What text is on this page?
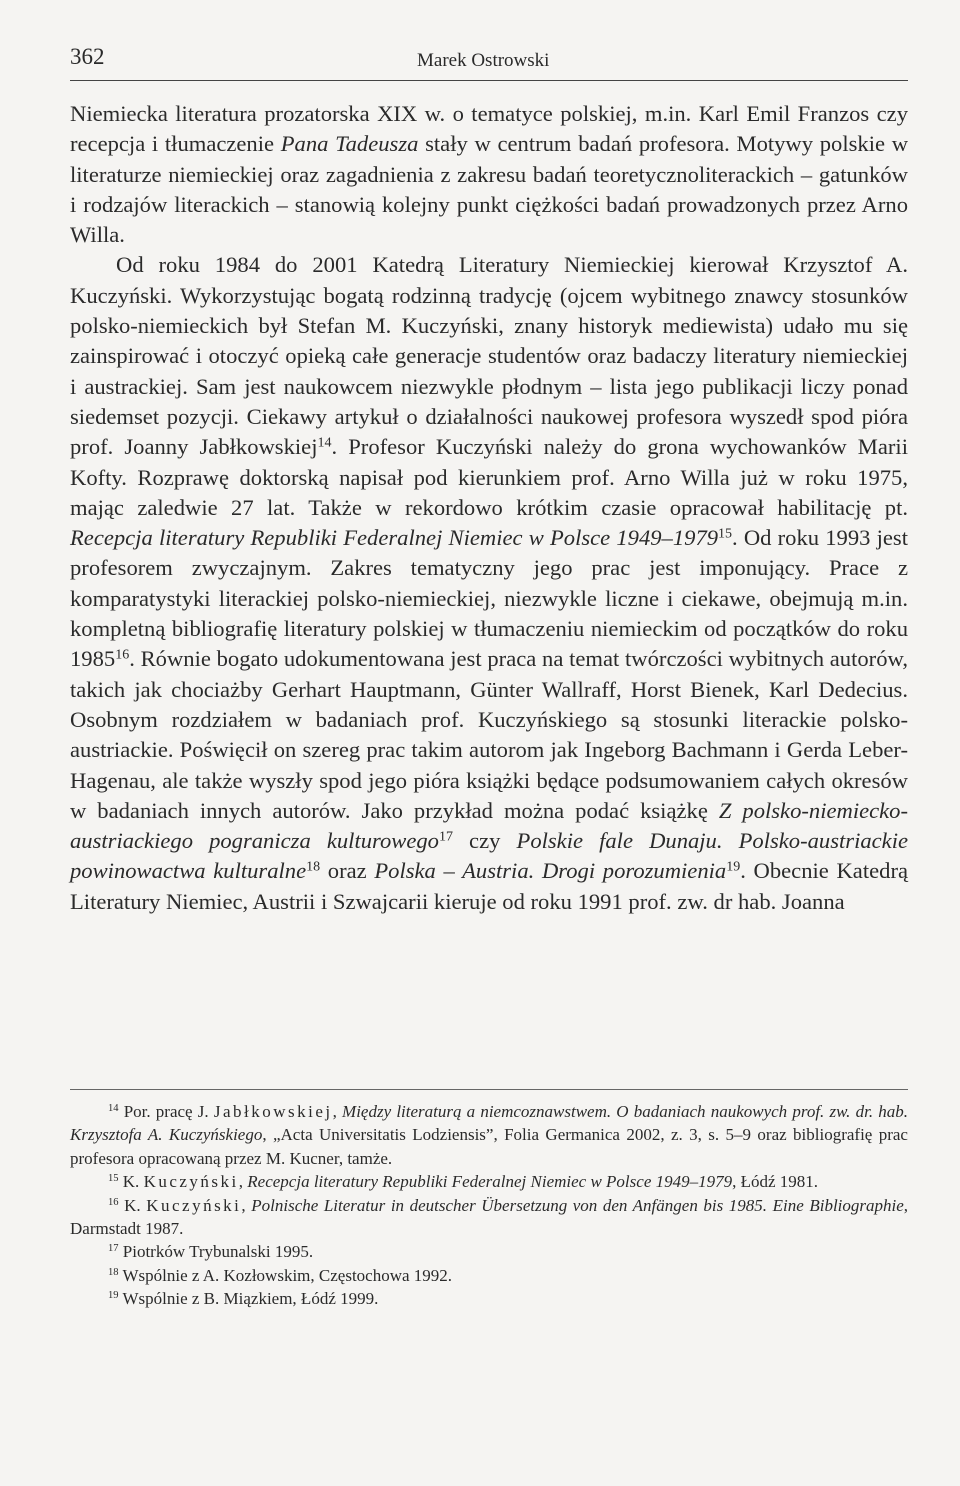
362	Marek Ostrowski

Niemiecka literatura prozatorska XIX w. o tematyce polskiej, m.in. Karl Emil Franzos czy recepcja i tłumaczenie Pana Tadeusza stały w centrum badań profesora. Motywy polskie w literaturze niemieckiej oraz zagadnienia z zakresu badań teoretycznoliterackich – gatunków i rodzajów literackich – stanowią kolejny punkt ciężkości badań prowadzonych przez Arno Willa.

Od roku 1984 do 2001 Katedrą Literatury Niemieckiej kierował Krzysztof A. Kuczyński. Wykorzystując bogatą rodzinną tradycję (ojcem wybitnego znawcy stosunków polsko-niemieckich był Stefan M. Kuczyński, znany historyk mediewista) udało mu się zainspirować i otoczyć opieką całe generacje studentów oraz badaczy literatury niemieckiej i austrackiej. Sam jest naukowcem niezwykle płodnym – lista jego publikacji liczy ponad siedemset pozycji. Ciekawy artykuł o działalności naukowej profesora wyszedł spod pióra prof. Joanny Jabłkowskiej$^{14}$. Profesor Kuczyński należy do grona wychowanków Marii Kofty. Rozprawę doktorską napisał pod kierunkiem prof. Arno Willa już w roku 1975, mając zaledwie 27 lat. Także w rekordowo krótkim czasie opracował habilitację pt. Recepcja literatury Republiki Federalnej Niemiec w Polsce 1949–1979$^{15}$. Od roku 1993 jest profesorem zwyczajnym. Zakres tematyczny jego prac jest imponujący. Prace z komparatystyki literackiej polsko-niemieckiej, niezwykle liczne i ciekawe, obejmują m.in. kompletną bibliografię literatury polskiej w tłumaczeniu niemieckim od początków do roku 1985$^{16}$. Równie bogato udokumentowana jest praca na temat twórczości wybitnych autorów, takich jak chociażby Gerhart Hauptmann, Günter Wallraff, Horst Bienek, Karl Dedecius. Osobnym rozdziałem w badaniach prof. Kuczyńskiego są stosunki literackie polsko-austriackie. Poświęcił on szereg prac takim autorom jak Ingeborg Bachmann i Gerda Leber-Hagenau, ale także wyszły spod jego pióra książki będące podsumowaniem całych okresów w badaniach innych autorów. Jako przykład można podać książkę Z polsko-niemiecko-austriackiego pogranicza kulturowego$^{17}$ czy Polskie fale Dunaju. Polsko-austriackie powinowactwa kulturalne$^{18}$ oraz Polska – Austria. Drogi porozumienia$^{19}$. Obecnie Katedrą Literatury Niemiec, Austrii i Szwajcarii kieruje od roku 1991 prof. zw. dr hab. Joanna

$^{14}$ Por. pracę J. Jabłkowskiej, Między literaturą a niemcoznawstwem. O badaniach naukowych prof. zw. dr. hab. Krzysztofa A. Kuczyńskiego, „Acta Universitatis Lodziensis”, Folia Germanica 2002, z. 3, s. 5–9 oraz bibliografię prac profesora opracowaną przez M. Kucner, tamże.

$^{15}$ K. Kuczyński, Recepcja literatury Republiki Federalnej Niemiec w Polsce 1949–1979, Łódź 1981.

$^{16}$ K. Kuczyński, Polnische Literatur in deutscher Übersetzung von den Anfängen bis 1985. Eine Bibliographie, Darmstadt 1987.

$^{17}$ Piotrków Trybunalski 1995.

$^{18}$ Wspólnie z A. Kozłowskim, Częstochowa 1992.

$^{19}$ Wspólnie z B. Miązkiem, Łódź 1999.
